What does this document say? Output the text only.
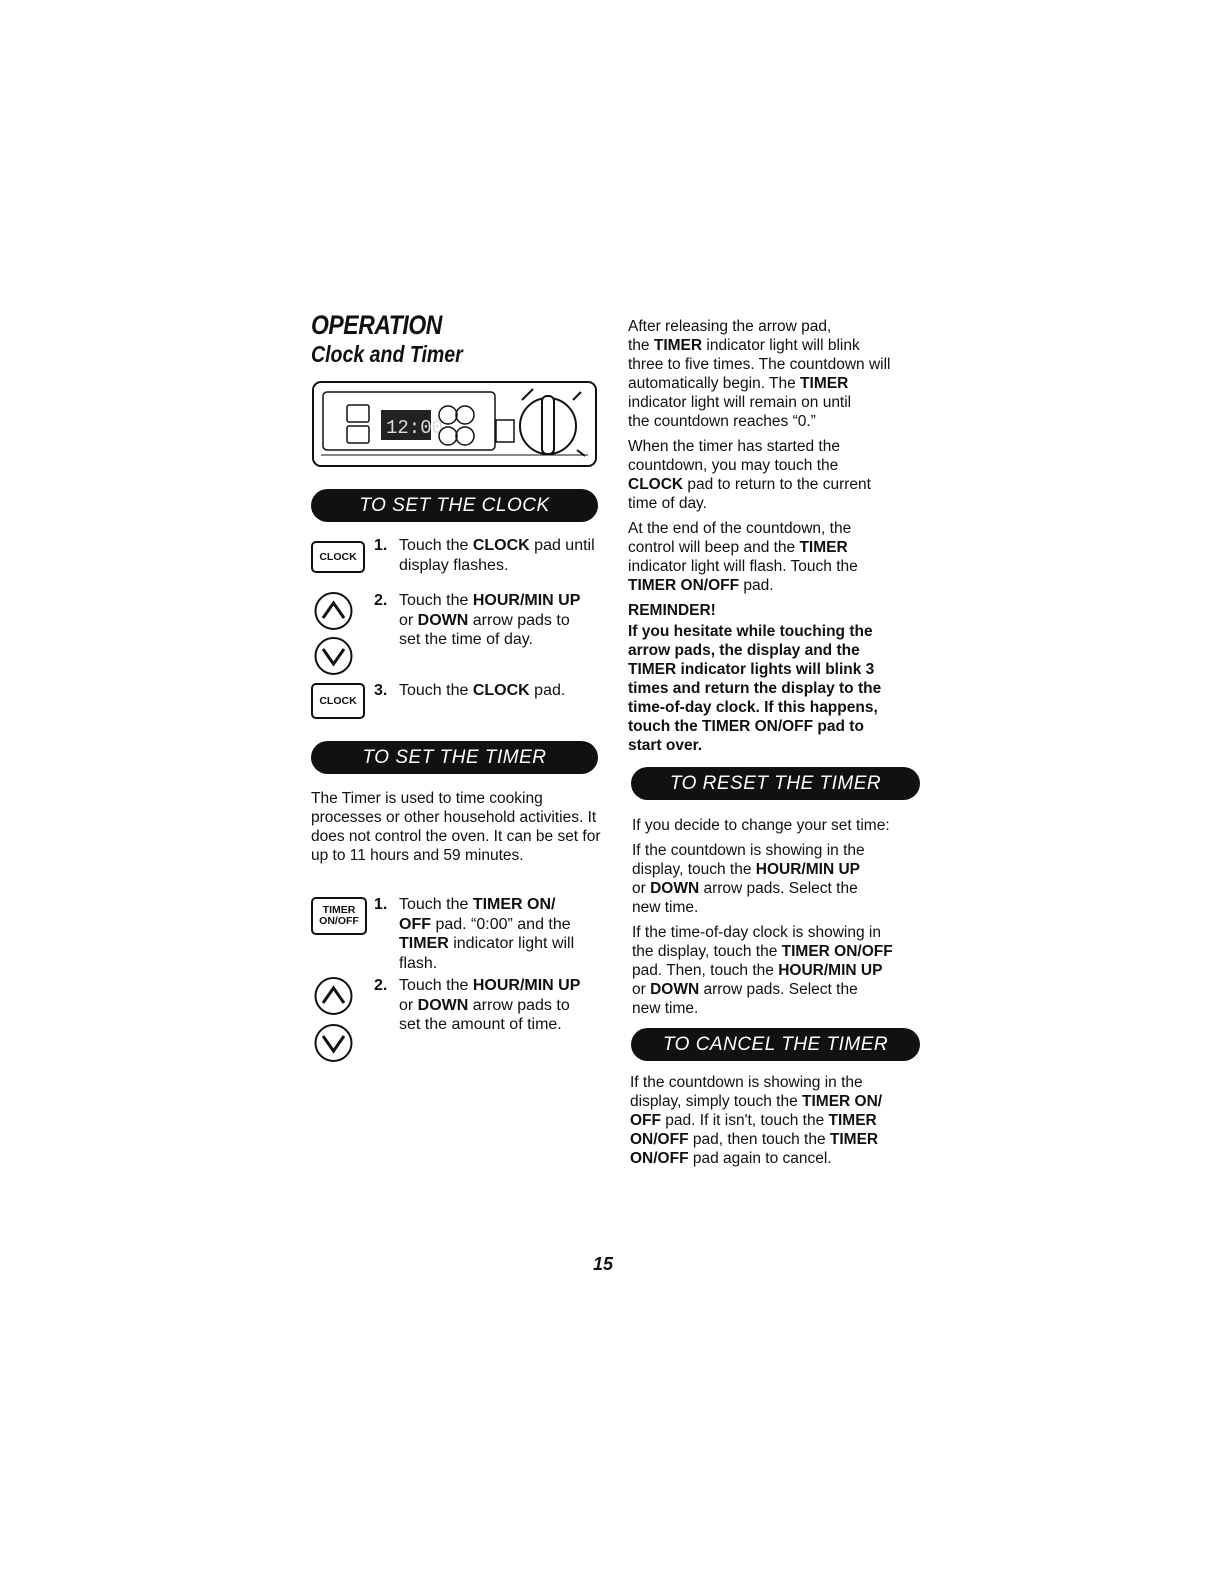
OPERATION
Clock and Timer
12:00
TO SET THE CLOCK
CLOCK
1. Touch the CLOCK pad until display flashes.
2. Touch the HOUR/MIN UP
or DOWN arrow pads to
set the time of day.
CLOCK
3. Touch the CLOCK pad.
TO SET THE TIMER
The Timer is used to time cooking processes or other household activities. It does not control the oven. It can be set for up to 11 hours and 59 minutes.
TIMER
ON/OFF
1. Touch the TIMER ON/
OFF pad. “0:00” and the
TIMER indicator light will
flash.
2. Touch the HOUR/MIN UP
or DOWN arrow pads to
set the amount of time.

After releasing the arrow pad,
the TIMER indicator light will blink
three to five times. The countdown will
automatically begin. The TIMER
indicator light will remain on until
the countdown reaches “0.”

When the timer has started the
countdown, you may touch the
CLOCK pad to return to the current
time of day.

At the end of the countdown, the
control will beep and the TIMER
indicator light will flash. Touch the
TIMER ON/OFF pad.

REMINDER!

If you hesitate while touching the
arrow pads, the display and the
TIMER indicator lights will blink 3
times and return the display to the
time-of-day clock. If this happens,
touch the TIMER ON/OFF pad to
start over.

TO RESET THE TIMER

If you decide to change your set time:

If the countdown is showing in the
display, touch the HOUR/MIN UP
or DOWN arrow pads. Select the
new time.

If the time-of-day clock is showing in
the display, touch the TIMER ON/OFF
pad. Then, touch the HOUR/MIN UP
or DOWN arrow pads. Select the
new time.

TO CANCEL THE TIMER

If the countdown is showing in the
display, simply touch the TIMER ON/
OFF pad. If it isn't, touch the TIMER
ON/OFF pad, then touch the TIMER
ON/OFF pad again to cancel.

15
